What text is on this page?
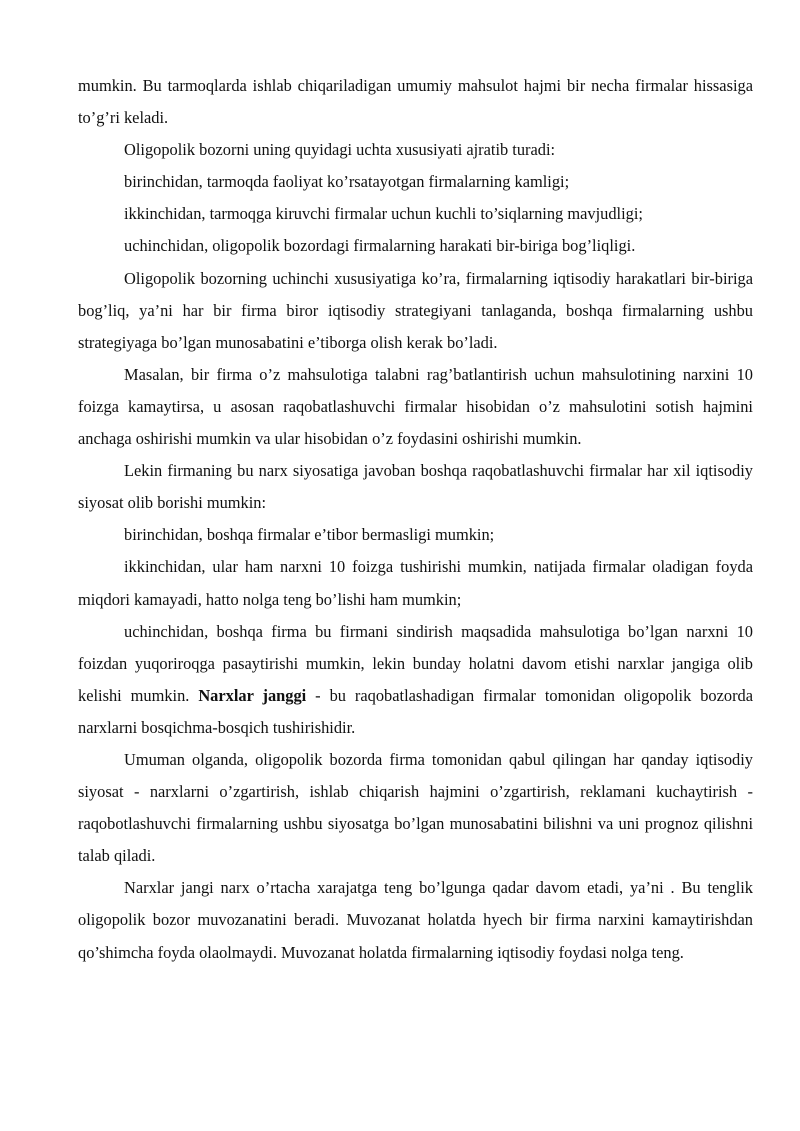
mumkin. Bu tarmoqlarda ishlab chiqariladigan umumiy mahsulot hajmi bir necha firmalar hissasiga to’g’ri keladi.

Oligopolik bozorni uning quyidagi uchta xususiyati ajratib turadi:

birinchidan, tarmoqda faoliyat ko’rsatayotgan firmalarning kamligi;

ikkinchidan, tarmoqga kiruvchi firmalar uchun kuchli to’siqlarning mavjudligi;

uchinchidan, oligopolik bozordagi firmalarning harakati bir-biriga bog’liqligi.

Oligopolik bozorning uchinchi xususiyatiga ko’ra, firmalarning iqtisodiy harakatlari bir-biriga bog’liq, ya’ni har bir firma biror iqtisodiy strategiyani tanlaganda, boshqa firmalarning ushbu strategiyaga bo’lgan munosabatini e’tiborga olish kerak bo’ladi.

Masalan, bir firma o’z mahsulotiga talabni rag’batlantirish uchun mahsulotining narxini 10 foizga kamaytirsa, u asosan raqobatlashuvchi firmalar hisobidan o’z mahsulotini sotish hajmini anchaga oshirishi mumkin va ular hisobidan o’z foydasini oshirishi mumkin.

Lekin firmaning bu narx siyosatiga javoban boshqa raqobatlashuvchi firmalar har xil iqtisodiy siyosat olib borishi mumkin:

birinchidan, boshqa firmalar e’tibor bermasligi mumkin;

ikkinchidan, ular ham narxni 10 foizga tushirishi mumkin, natijada firmalar oladigan foyda miqdori kamayadi, hatto nolga teng bo’lishi ham mumkin;

uchinchidan, boshqa firma bu firmani sindirish maqsadida mahsulotiga bo’lgan narxni 10 foizdan yuqoriroqga pasaytirishi mumkin, lekin bunday holatni davom etishi narxlar jangiga olib kelishi mumkin. Narxlar janggi - bu raqobatlashadigan firmalar tomonidan oligopolik bozorda narxlarni bosqichma-bosqich tushirishidir.

Umuman olganda, oligopolik bozorda firma tomonidan qabul qilingan har qanday iqtisodiy siyosat - narxlarni o’zgartirish, ishlab chiqarish hajmini o’zgartirish, reklamani kuchaytirish - raqobotlashuvchi firmalarning ushbu siyosatga bo’lgan munosabatini bilishni va uni prognoz qilishni talab qiladi.

Narxlar jangi narx o’rtacha xarajatga teng bo’lgunga qadar davom etadi, ya’ni . Bu tenglik oligopolik bozor muvozanatini beradi. Muvozanat holatda hyech bir firma narxini kamaytirishdan qo’shimcha foyda olaolmaydi. Muvozanat holatda firmalarning iqtisodiy foydasi nolga teng.
